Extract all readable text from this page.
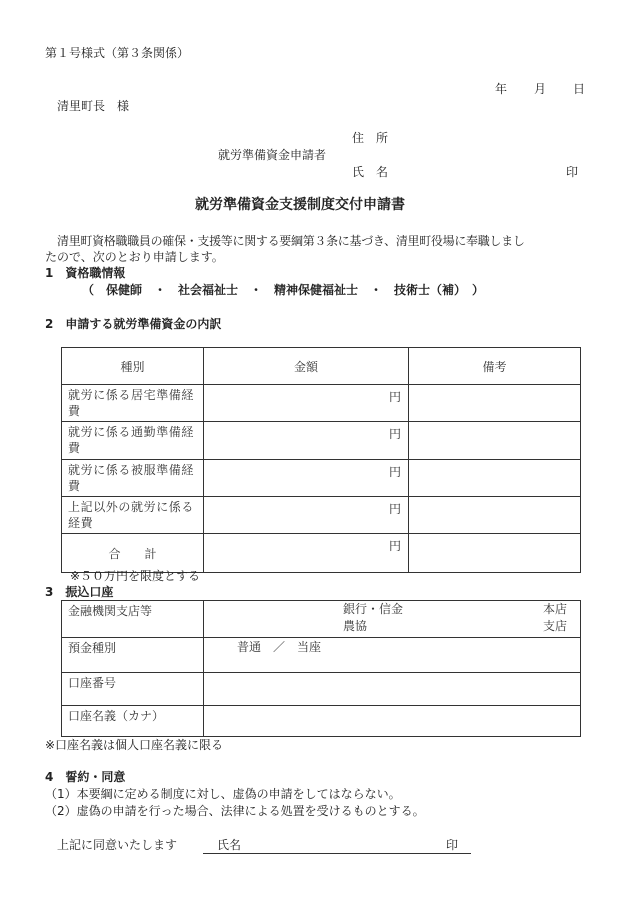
第１号様式（第３条関係）
年 月 日
清里町長　様
住　所
就労準備資金申請者
氏　名	印
就労準備資金支援制度交付申請書
清里町資格職職員の確保・支援等に関する要綱第３条に基づき、清里町役場に奉職しまし
たので、次のとおり申請します。
1　資格職情報
（　保健師　・　社会福祉士　・　精神保健福祉士　・　技術士（補）　）
2　申請する就労準備資金の内訳
種別	金額	備考
就労に係る居宅準備経費	円	

就労に係る通勤準備経費	円	

就労に係る被服準備経費	円	

上記以外の就労に係る経費	円	

合　　計	円	

※５０万円を限度とする
3　振込口座
金融機関支店等	銀行・信金
農協
本店
支店

預金種別	普通　／　当座

口座番号	
口座名義（カナ）	
※口座名義は個人口座名義に限る
4　誓約・同意
（1）本要綱に定める制度に対し、虚偽の申請をしてはならない。
（2）虚偽の申請を行った場合、法律による処置を受けるものとする。
上記に同意いたします	氏名	印
